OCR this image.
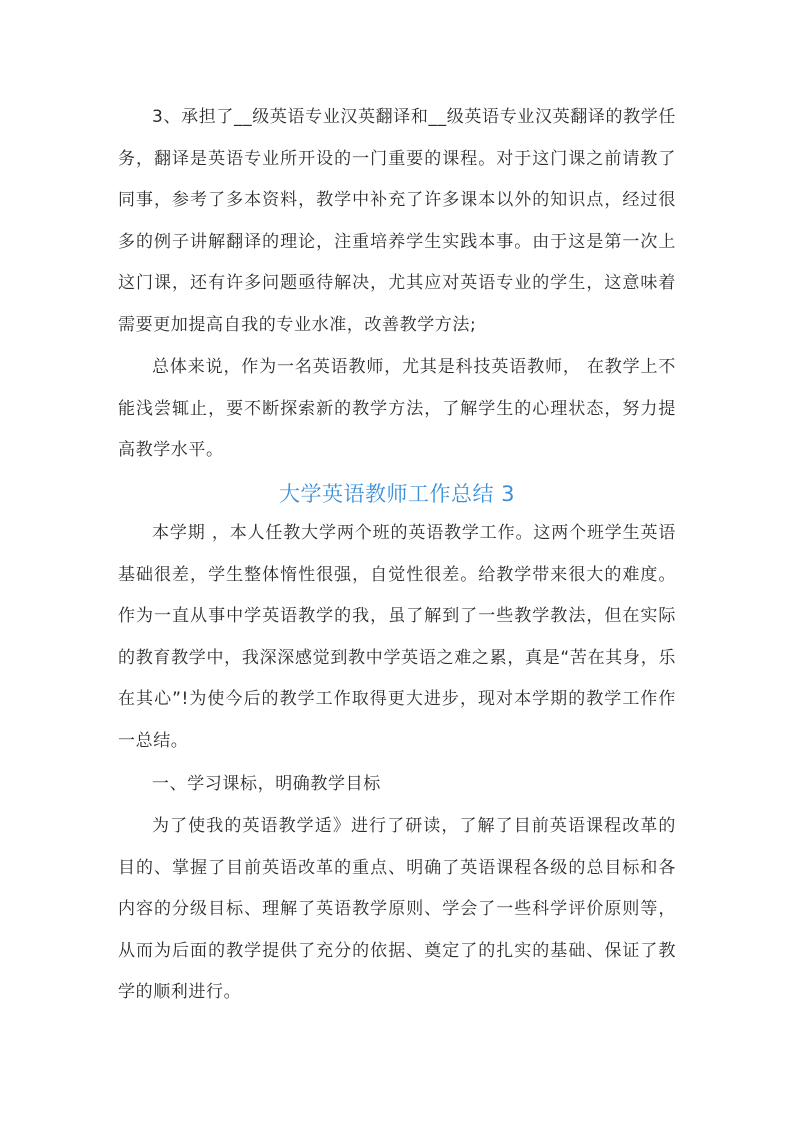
3、承担了__级英语专业汉英翻译和__级英语专业汉英翻译的教学任务，翻译是英语专业所开设的一门重要的课程。对于这门课之前请教了同事，参考了多本资料，教学中补充了许多课本以外的知识点，经过很多的例子讲解翻译的理论，注重培养学生实践本事。由于这是第一次上这门课，还有许多问题亟待解决，尤其应对英语专业的学生，这意味着需要更加提高自我的专业水准，改善教学方法;

总体来说，作为一名英语教师，尤其是科技英语教师， 在教学上不能浅尝辄止，要不断探索新的教学方法，了解学生的心理状态，努力提高教学水平。

大学英语教师工作总结 3

本学期 ，本人任教大学两个班的英语教学工作。这两个班学生英语基础很差，学生整体惰性很强，自觉性很差。给教学带来很大的难度。作为一直从事中学英语教学的我，虽了解到了一些教学教法，但在实际的教育教学中，我深深感觉到教中学英语之难之累，真是“苦在其身，乐在其心”!为使今后的教学工作取得更大进步，现对本学期的教学工作作一总结。

一、学习课标，明确教学目标

为了使我的英语教学适》进行了研读，了解了目前英语课程改革的目的、掌握了目前英语改革的重点、明确了英语课程各级的总目标和各内容的分级目标、理解了英语教学原则、学会了一些科学评价原则等，从而为后面的教学提供了充分的依据、奠定了的扎实的基础、保证了教学的顺利进行。
